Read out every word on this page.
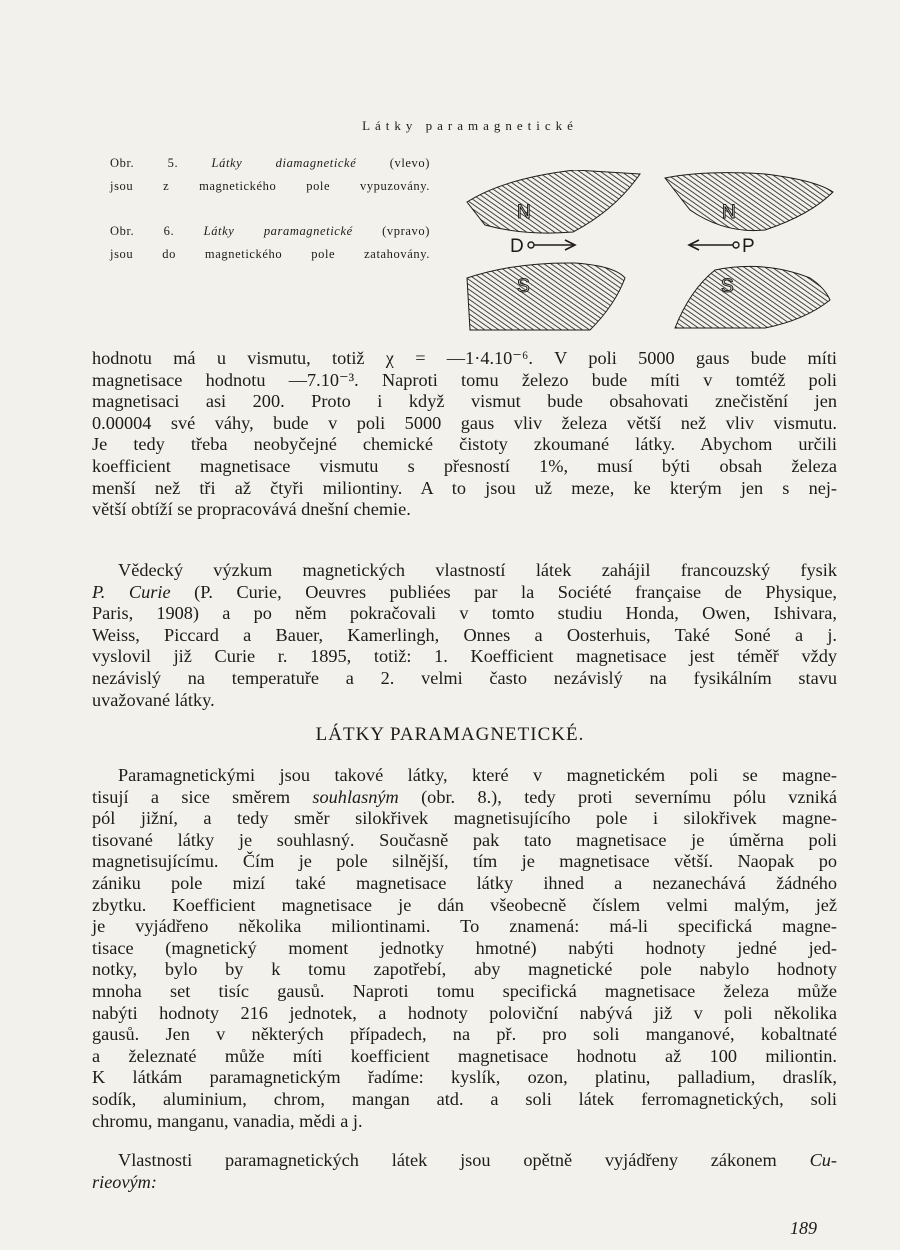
Látky paramagnetické
Obr. 5.	Látky diamagnetické	(vlevo)
jsou z magnetického pole vypuzovány.
Obr. 6. Látky paramagnetické (vpravo)
jsou do magnetického pole zatahovány.
N
S
D
N
S
P
hodnotu má u vismutu, totiž χ = —1·4.10⁻⁶. V poli 5000 gaus bude míti
magnetisace hodnotu —7.10⁻³. Naproti tomu železo bude míti v tomtéž poli
magnetisaci asi 200. Proto i když vismut bude obsahovati znečistění jen
0.00004 své váhy, bude v poli 5000 gaus vliv železa větší než vliv vismutu.
Je tedy třeba neobyčejné chemické čistoty zkoumané látky. Abychom určili
koefficient magnetisace vismutu s přesností 1%, musí býti obsah železa
menší než tři až čtyři miliontiny. A to jsou už meze, ke kterým jen s nej-
větší obtíží se propracovává dnešní chemie.
Vědecký výzkum magnetických vlastností látek zahájil francouzský fysik
P. Curie (P. Curie, Oeuvres publiées par la Société française de Physique,
Paris, 1908) a po něm pokračovali v tomto studiu Honda, Owen, Ishivara,
Weiss, Piccard a Bauer, Kamerlingh, Onnes a Oosterhuis, Také Soné a j.
vyslovil již Curie r. 1895, totiž: 1. Koefficient magnetisace jest téměř vždy
nezávislý na temperatuře a 2. velmi často nezávislý na fysikálním stavu
uvažované látky.
LÁTKY PARAMAGNETICKÉ.
Paramagnetickými jsou takové látky, které v magnetickém poli se magne-
tisují a sice směrem souhlasným (obr. 8.), tedy proti severnímu pólu vzniká
pól jižní, a tedy směr silokřivek magnetisujícího pole i silokřivek magne-
tisované látky je souhlasný. Současně pak tato magnetisace je úměrna poli
magnetisujícímu. Čím je pole silnější, tím je magnetisace větší. Naopak po
zániku pole mizí také magnetisace látky ihned a nezanechává žádného
zbytku. Koefficient magnetisace je dán všeobecně číslem velmi malým, jež
je vyjádřeno několika miliontinami. To znamená: má-li specifická magne-
tisace (magnetický moment jednotky hmotné) nabýti hodnoty jedné jed-
notky, bylo by k tomu zapotřebí, aby magnetické pole nabylo hodnoty
mnoha set tisíc gausů. Naproti tomu specifická magnetisace železa může
nabýti hodnoty 216 jednotek, a hodnoty poloviční nabývá již v poli několika
gausů. Jen v některých případech, na př. pro soli manganové, kobaltnaté
a železnaté může míti koefficient magnetisace hodnotu až 100 miliontin.
K látkám paramagnetickým řadíme: kyslík, ozon, platinu, palladium, draslík,
sodík, aluminium, chrom, mangan atd. a soli látek ferromagnetických, soli
chromu, manganu, vanadia, mědi a j.
Vlastnosti paramagnetických látek jsou opětně vyjádřeny zákonem Cu-
rieovým:
189
